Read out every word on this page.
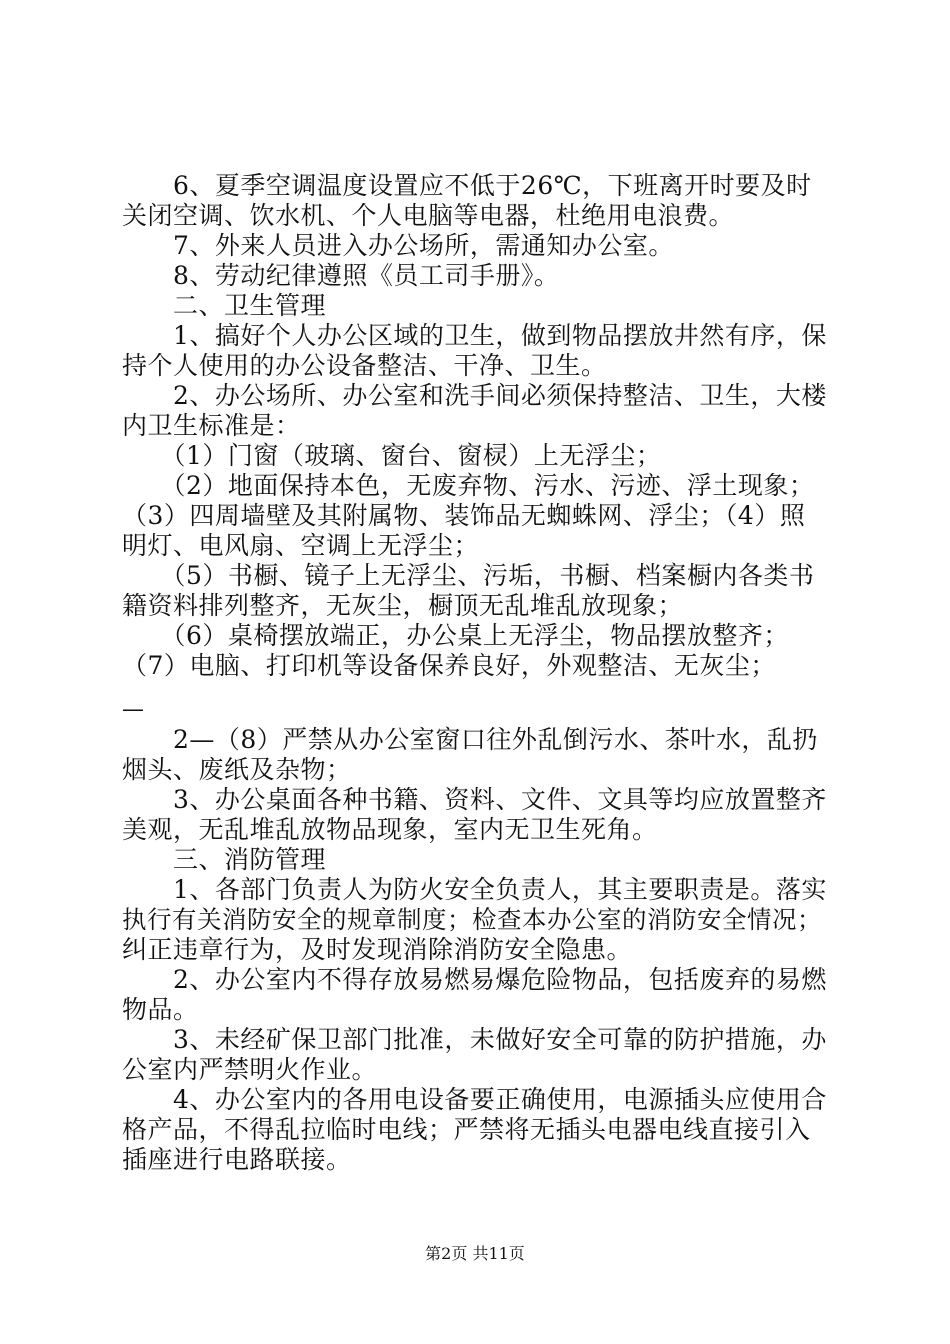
　　6、夏季空调温度设置应不低于26℃，下班离开时要及时
关闭空调、饮水机、个人电脑等电器，杜绝用电浪费。
　　7、外来人员进入办公场所，需通知办公室。
　　8、劳动纪律遵照《员工司手册》。
　　二、卫生管理
　　1、搞好个人办公区域的卫生，做到物品摆放井然有序，保
持个人使用的办公设备整洁、干净、卫生。
　　2、办公场所、办公室和洗手间必须保持整洁、卫生，大楼
内卫生标准是：
　　（1）门窗（玻璃、窗台、窗棂）上无浮尘；
　　（2）地面保持本色，无废弃物、污水、污迹、浮土现象；
（3）四周墙壁及其附属物、装饰品无蜘蛛网、浮尘；（4）照
明灯、电风扇、空调上无浮尘；
　　（5）书橱、镜子上无浮尘、污垢，书橱、档案橱内各类书
籍资料排列整齐，无灰尘，橱顶无乱堆乱放现象；
　　（6）桌椅摆放端正，办公桌上无浮尘，物品摆放整齐；
（7）电脑、打印机等设备保养良好，外观整洁、无灰尘；
—
　　2—（8）严禁从办公室窗口往外乱倒污水、茶叶水，乱扔
烟头、废纸及杂物；
　　3、办公桌面各种书籍、资料、文件、文具等均应放置整齐
美观，无乱堆乱放物品现象，室内无卫生死角。
　　三、消防管理
　　1、各部门负责人为防火安全负责人，其主要职责是。落实
执行有关消防安全的规章制度；检查本办公室的消防安全情况；
纠正违章行为，及时发现消除消防安全隐患。
　　2、办公室内不得存放易燃易爆危险物品，包括废弃的易燃
物品。
　　3、未经矿保卫部门批准，未做好安全可靠的防护措施，办
公室内严禁明火作业。
　　4、办公室内的各用电设备要正确使用，电源插头应使用合
格产品，不得乱拉临时电线；严禁将无插头电器电线直接引入
插座进行电路联接。
第2页 共11页
